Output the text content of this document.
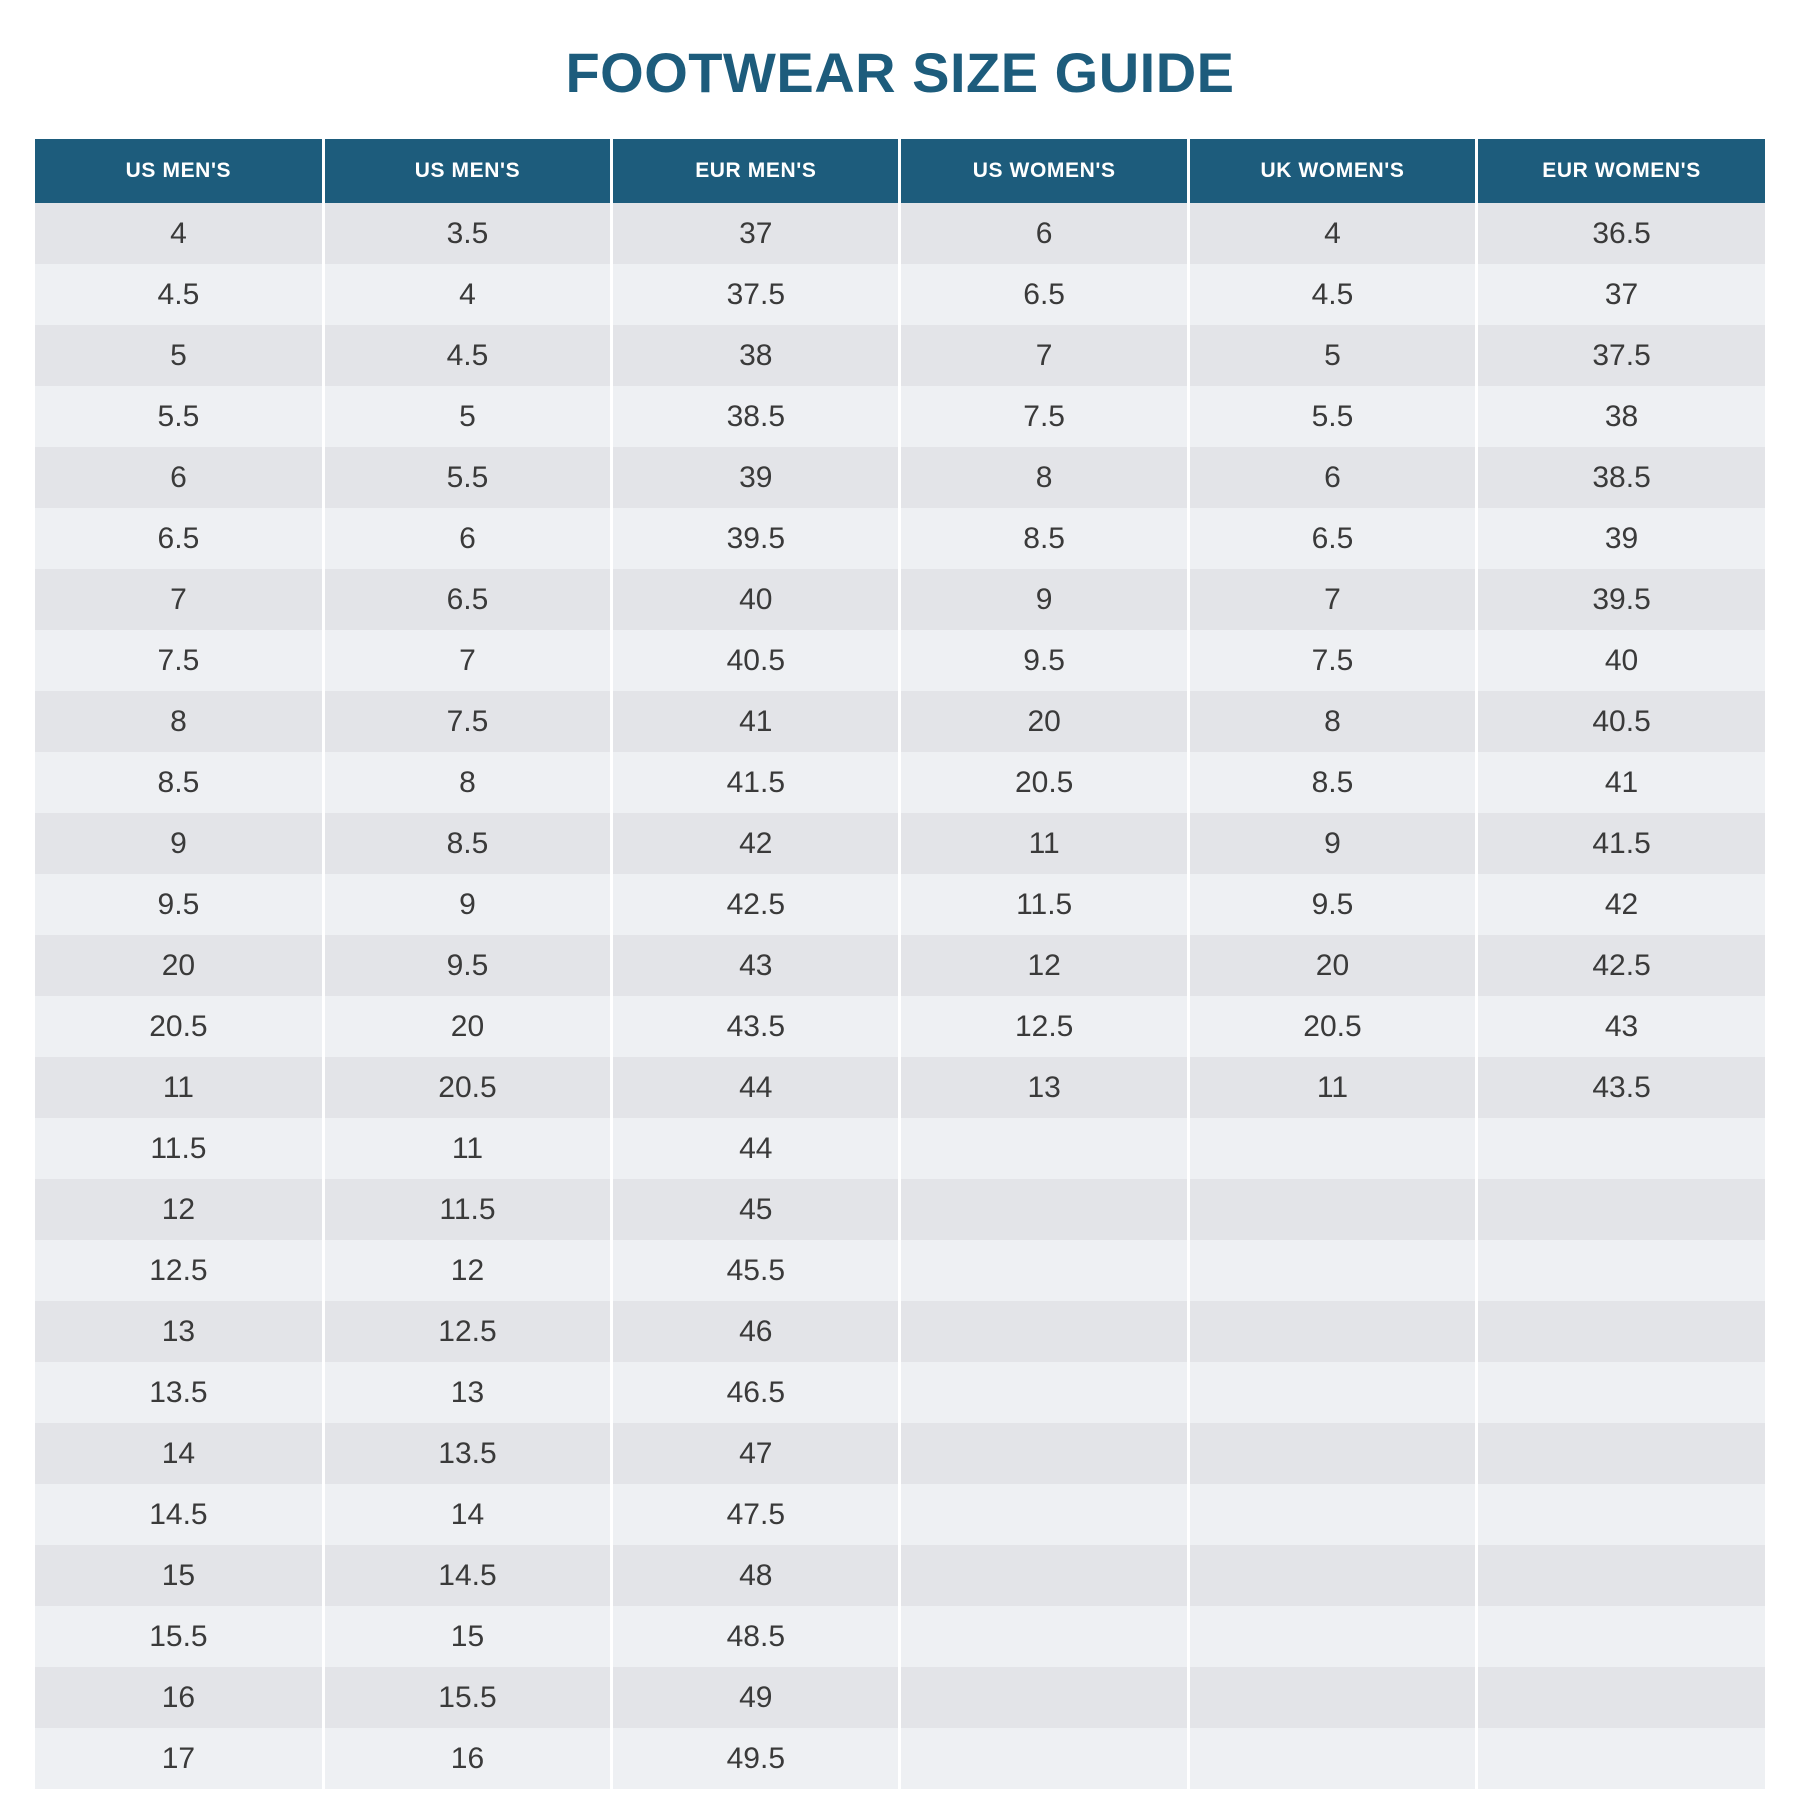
FOOTWEAR SIZE GUIDE
US MEN'S	US MEN'S	EUR MEN'S	US WOMEN'S	UK WOMEN'S	EUR WOMEN'S
4	3.5	37	6	4	36.5
4.5	4	37.5	6.5	4.5	37
5	4.5	38	7	5	37.5
5.5	5	38.5	7.5	5.5	38
6	5.5	39	8	6	38.5
6.5	6	39.5	8.5	6.5	39
7	6.5	40	9	7	39.5
7.5	7	40.5	9.5	7.5	40
8	7.5	41	20	8	40.5
8.5	8	41.5	20.5	8.5	41
9	8.5	42	11	9	41.5
9.5	9	42.5	11.5	9.5	42
20	9.5	43	12	20	42.5
20.5	20	43.5	12.5	20.5	43
11	20.5	44	13	11	43.5
11.5	11	44			
12	11.5	45			
12.5	12	45.5			
13	12.5	46			
13.5	13	46.5			
14	13.5	47			
14.5	14	47.5			
15	14.5	48			
15.5	15	48.5			
16	15.5	49			
17	16	49.5			
